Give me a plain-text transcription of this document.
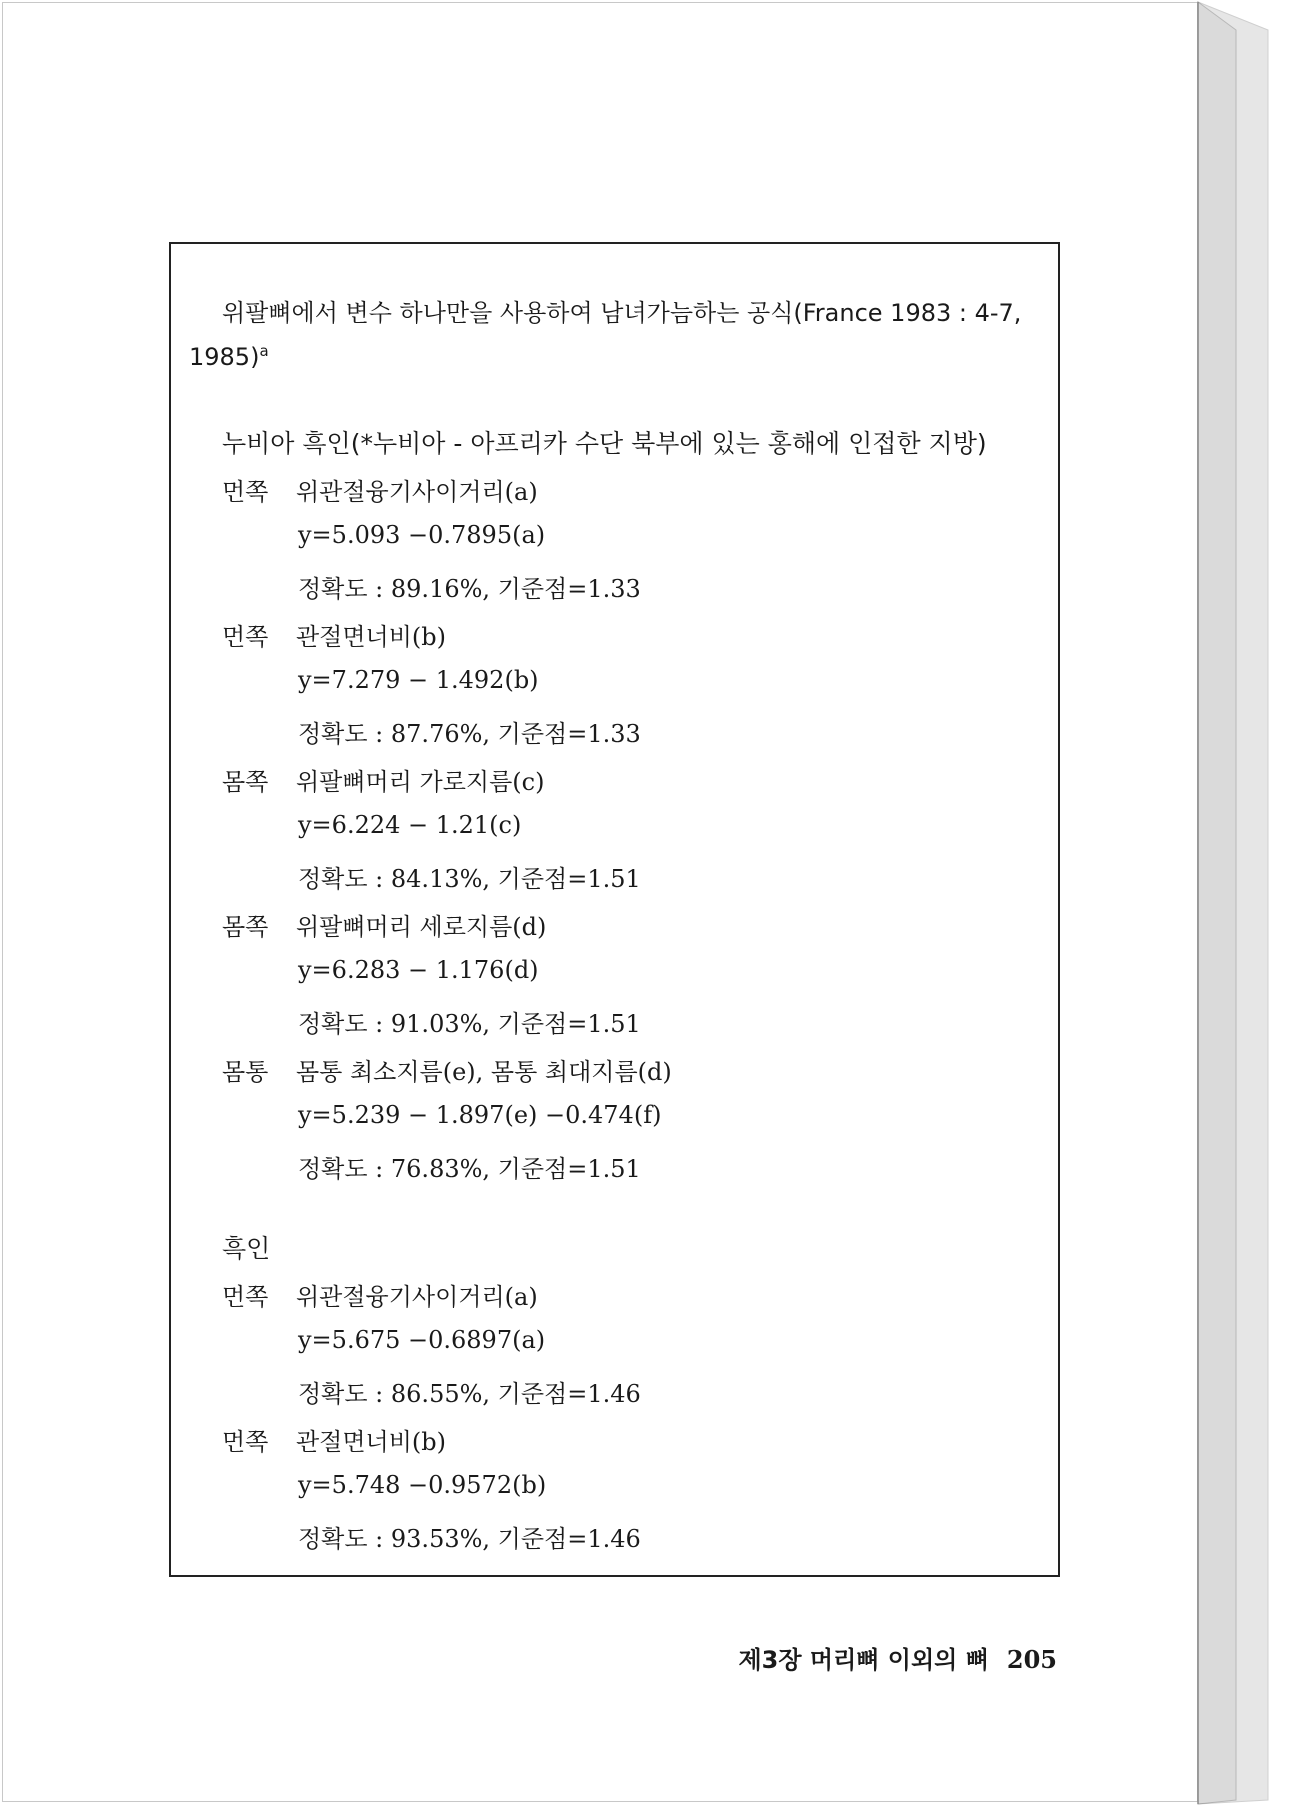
위팔뼈에서 변수 하나만을 사용하여 남녀가늠하는 공식(France 1983 : 4-7,
1985)$^a$
누비아 흑인(*누비아 - 아프리카 수단 북부에 있는 홍해에 인접한 지방)
먼쪽 위관절융기사이거리(a)
y=5.093 −0.7895(a)
정확도 : 89.16%, 기준점=1.33
먼쪽 관절면너비(b)
y=7.279 − 1.492(b)
정확도 : 87.76%, 기준점=1.33
몸쪽 위팔뼈머리 가로지름(c)
y=6.224 − 1.21(c)
정확도 : 84.13%, 기준점=1.51
몸쪽 위팔뼈머리 세로지름(d)
y=6.283 − 1.176(d)
정확도 : 91.03%, 기준점=1.51
몸통 몸통 최소지름(e), 몸통 최대지름(d)
y=5.239 − 1.897(e) −0.474(f)
정확도 : 76.83%, 기준점=1.51
흑인
먼쪽 위관절융기사이거리(a)
y=5.675 −0.6897(a)
정확도 : 86.55%, 기준점=1.46
먼쪽 관절면너비(b)
y=5.748 −0.9572(b)
정확도 : 93.53%, 기준점=1.46
제3장 머리뼈 이외의 뼈 205
